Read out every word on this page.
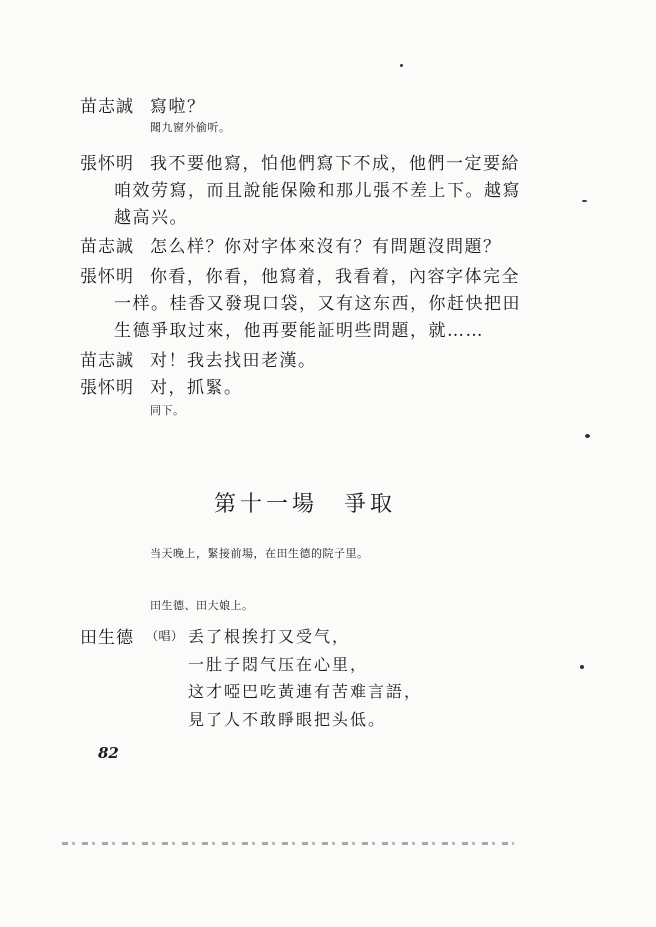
苗志誠 寫啦？
聞九窗外偷听。
張怀明 我不要他寫，怕他們寫下不成，他們一定要給
咱效劳寫，而且說能保險和那儿張不差上下。越寫
越高兴。
苗志誠 怎么样？你对字体來沒有？有問題沒問題？
張怀明 你看，你看，他寫着，我看着，內容字体完全
一样。桂香又發現口袋，又有这东西，你赶快把田
生德爭取过來，他再要能証明些問題，就……
苗志誠 对！我去找田老漢。
張怀明 对，抓緊。
同下。
第十一場　爭取
当天晚上，緊接前場，在田生德的院子里。
田生德、田大娘上。
田生德 （唱） 丢了根挨打又受气，
一肚子悶气压在心里，
这才啞巴吃黃連有苦难言語，
見了人不敢睜眼把头低。
82
